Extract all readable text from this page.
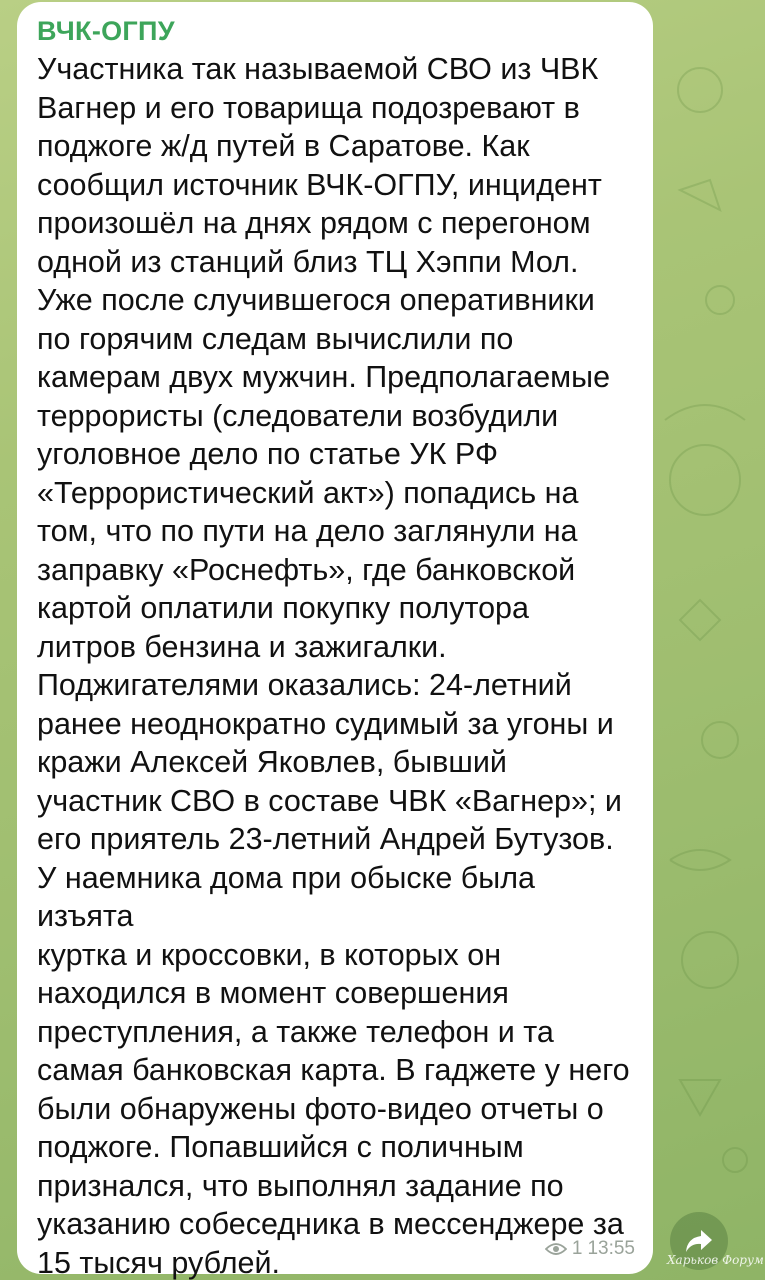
ВЧК-ОГПУ
Участника так называемой СВО из ЧВК
Вагнер и его товарища подозревают в
поджоге ж/д путей в Саратове. Как
сообщил источник ВЧК-ОГПУ, инцидент
произошёл на днях рядом с перегоном
одной из станций близ ТЦ Хэппи Мол.
Уже после случившегося оперативники
по горячим следам вычислили по
камерам двух мужчин. Предполагаемые
террористы (следователи возбудили
уголовное дело по статье УК РФ
«Террористический акт») попадись на
том, что по пути на дело заглянули на
заправку «Роснефть», где банковской
картой оплатили покупку полутора
литров бензина и зажигалки.
Поджигателями оказались: 24-летний
ранее неоднократно судимый за угоны и
кражи Алексей Яковлев, бывший
участник СВО в составе ЧВК «Вагнер»; и
его приятель 23-летний Андрей Бутузов.
У наемника дома при обыске была изъята
куртка и кроссовки, в которых он
находился в момент совершения
преступления, а также телефон и та
самая банковская карта. В гаджете у него
были обнаружены фото-видео отчеты о
поджоге. Попавшийся с поличным
признался, что выполнял задание по
указанию собеседника в мессенджере за
15 тысяч рублей.	1 13:55
Харьков Форум
